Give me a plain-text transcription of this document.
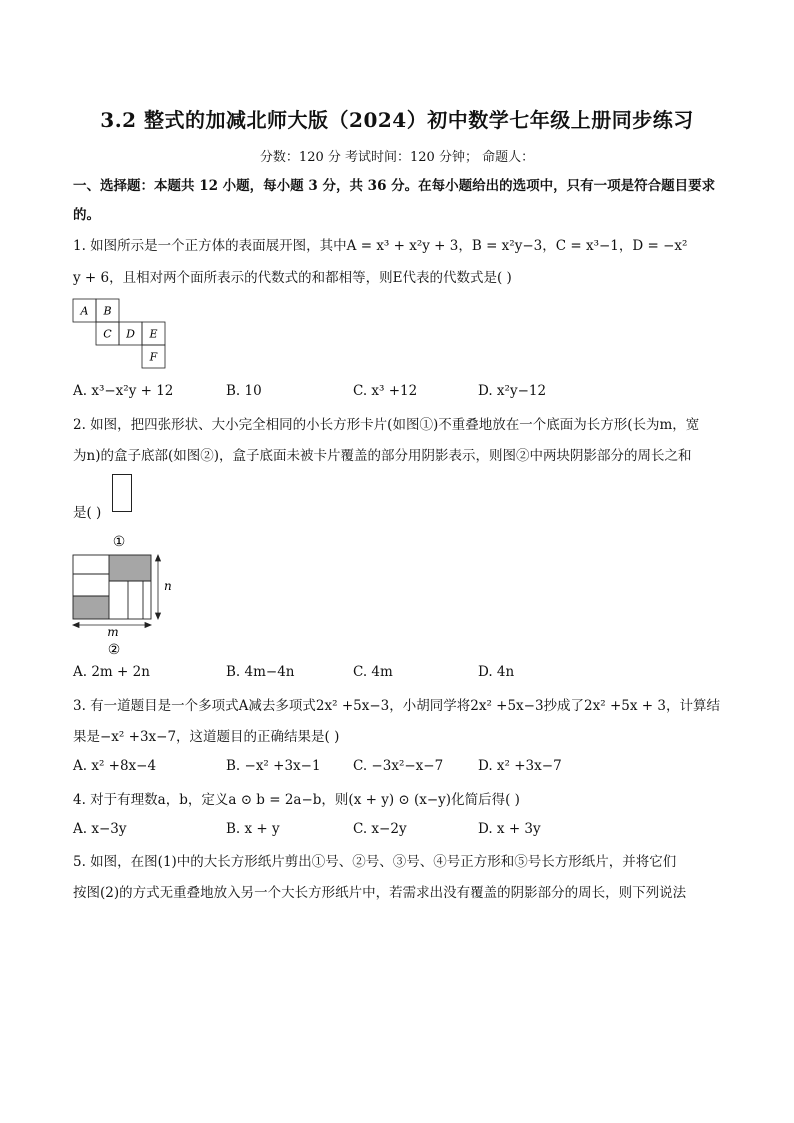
3.2 整式的加减北师大版（2024）初中数学七年级上册同步练习
分数：120 分 考试时间：120 分钟； 命题人：
一、选择题：本题共 12 小题，每小题 3 分，共 36 分。在每小题给出的选项中，只有一项是符合题目要求
的。
1. 如图所示是一个正方体的表面展开图，其中A = x³ + x²y + 3，B = x²y−3，C = x³−1，D = −x²
y + 6，且相对两个面所表示的代数式的和都相等，则E代表的代数式是( )
A B
C D E
F
A. x³−x²y + 12	B. 10	C. x³ +12	D. x²y−12
2. 如图，把四张形状、大小完全相同的小长方形卡片(如图①)不重叠地放在一个底面为长方形(长为m，宽
为n)的盒子底部(如图②)，盒子底面未被卡片覆盖的部分用阴影表示，则图②中两块阴影部分的周长之和
是( )
①
n
m
②
A. 2m + 2n	B. 4m−4n	C. 4m	D. 4n
3. 有一道题目是一个多项式A减去多项式2x² +5x−3，小胡同学将2x² +5x−3抄成了2x² +5x + 3，计算结
果是−x² +3x−7，这道题目的正确结果是( )
A. x² +8x−4	B. −x² +3x−1 C. −3x²−x−7	D. x² +3x−7
4. 对于有理数a，b，定义a ⊙ b = 2a−b，则(x + y) ⊙ (x−y)化简后得( )
A. x−3y	B. x + y	C. x−2y	D. x + 3y
5. 如图，在图(1)中的大长方形纸片剪出①号、②号、③号、④号正方形和⑤号长方形纸片，并将它们
按图(2)的方式无重叠地放入另一个大长方形纸片中，若需求出没有覆盖的阴影部分的周长，则下列说法
